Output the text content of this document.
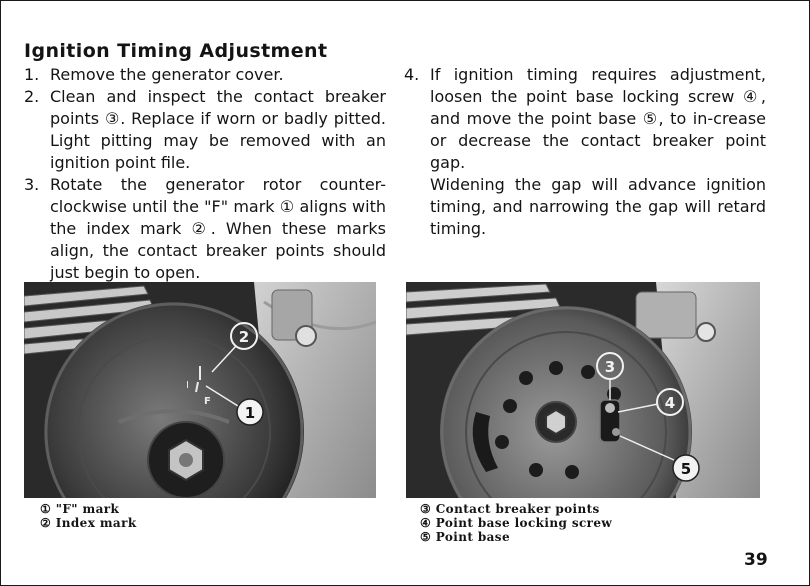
Ignition Timing Adjustment
1. Remove the generator cover.
2. Clean and inspect the contact breaker points ③. Replace if worn or badly pitted. Light pitting may be removed with an ignition point file.
3. Rotate the generator rotor counter-clockwise until the "F" mark ① aligns with the index mark ②. When these marks align, the contact breaker points should just begin to open.
4. If ignition timing requires adjustment, loosen the point base locking screw ④, and move the point base ⑤, to in-crease or decrease the contact breaker point gap.
Widening the gap will advance ignition timing, and narrowing the gap will retard timing.
F
I
2
1
3
4
5
① "F" mark
② Index mark
③ Contact breaker points
④ Point base locking screw
⑤ Point base
39
